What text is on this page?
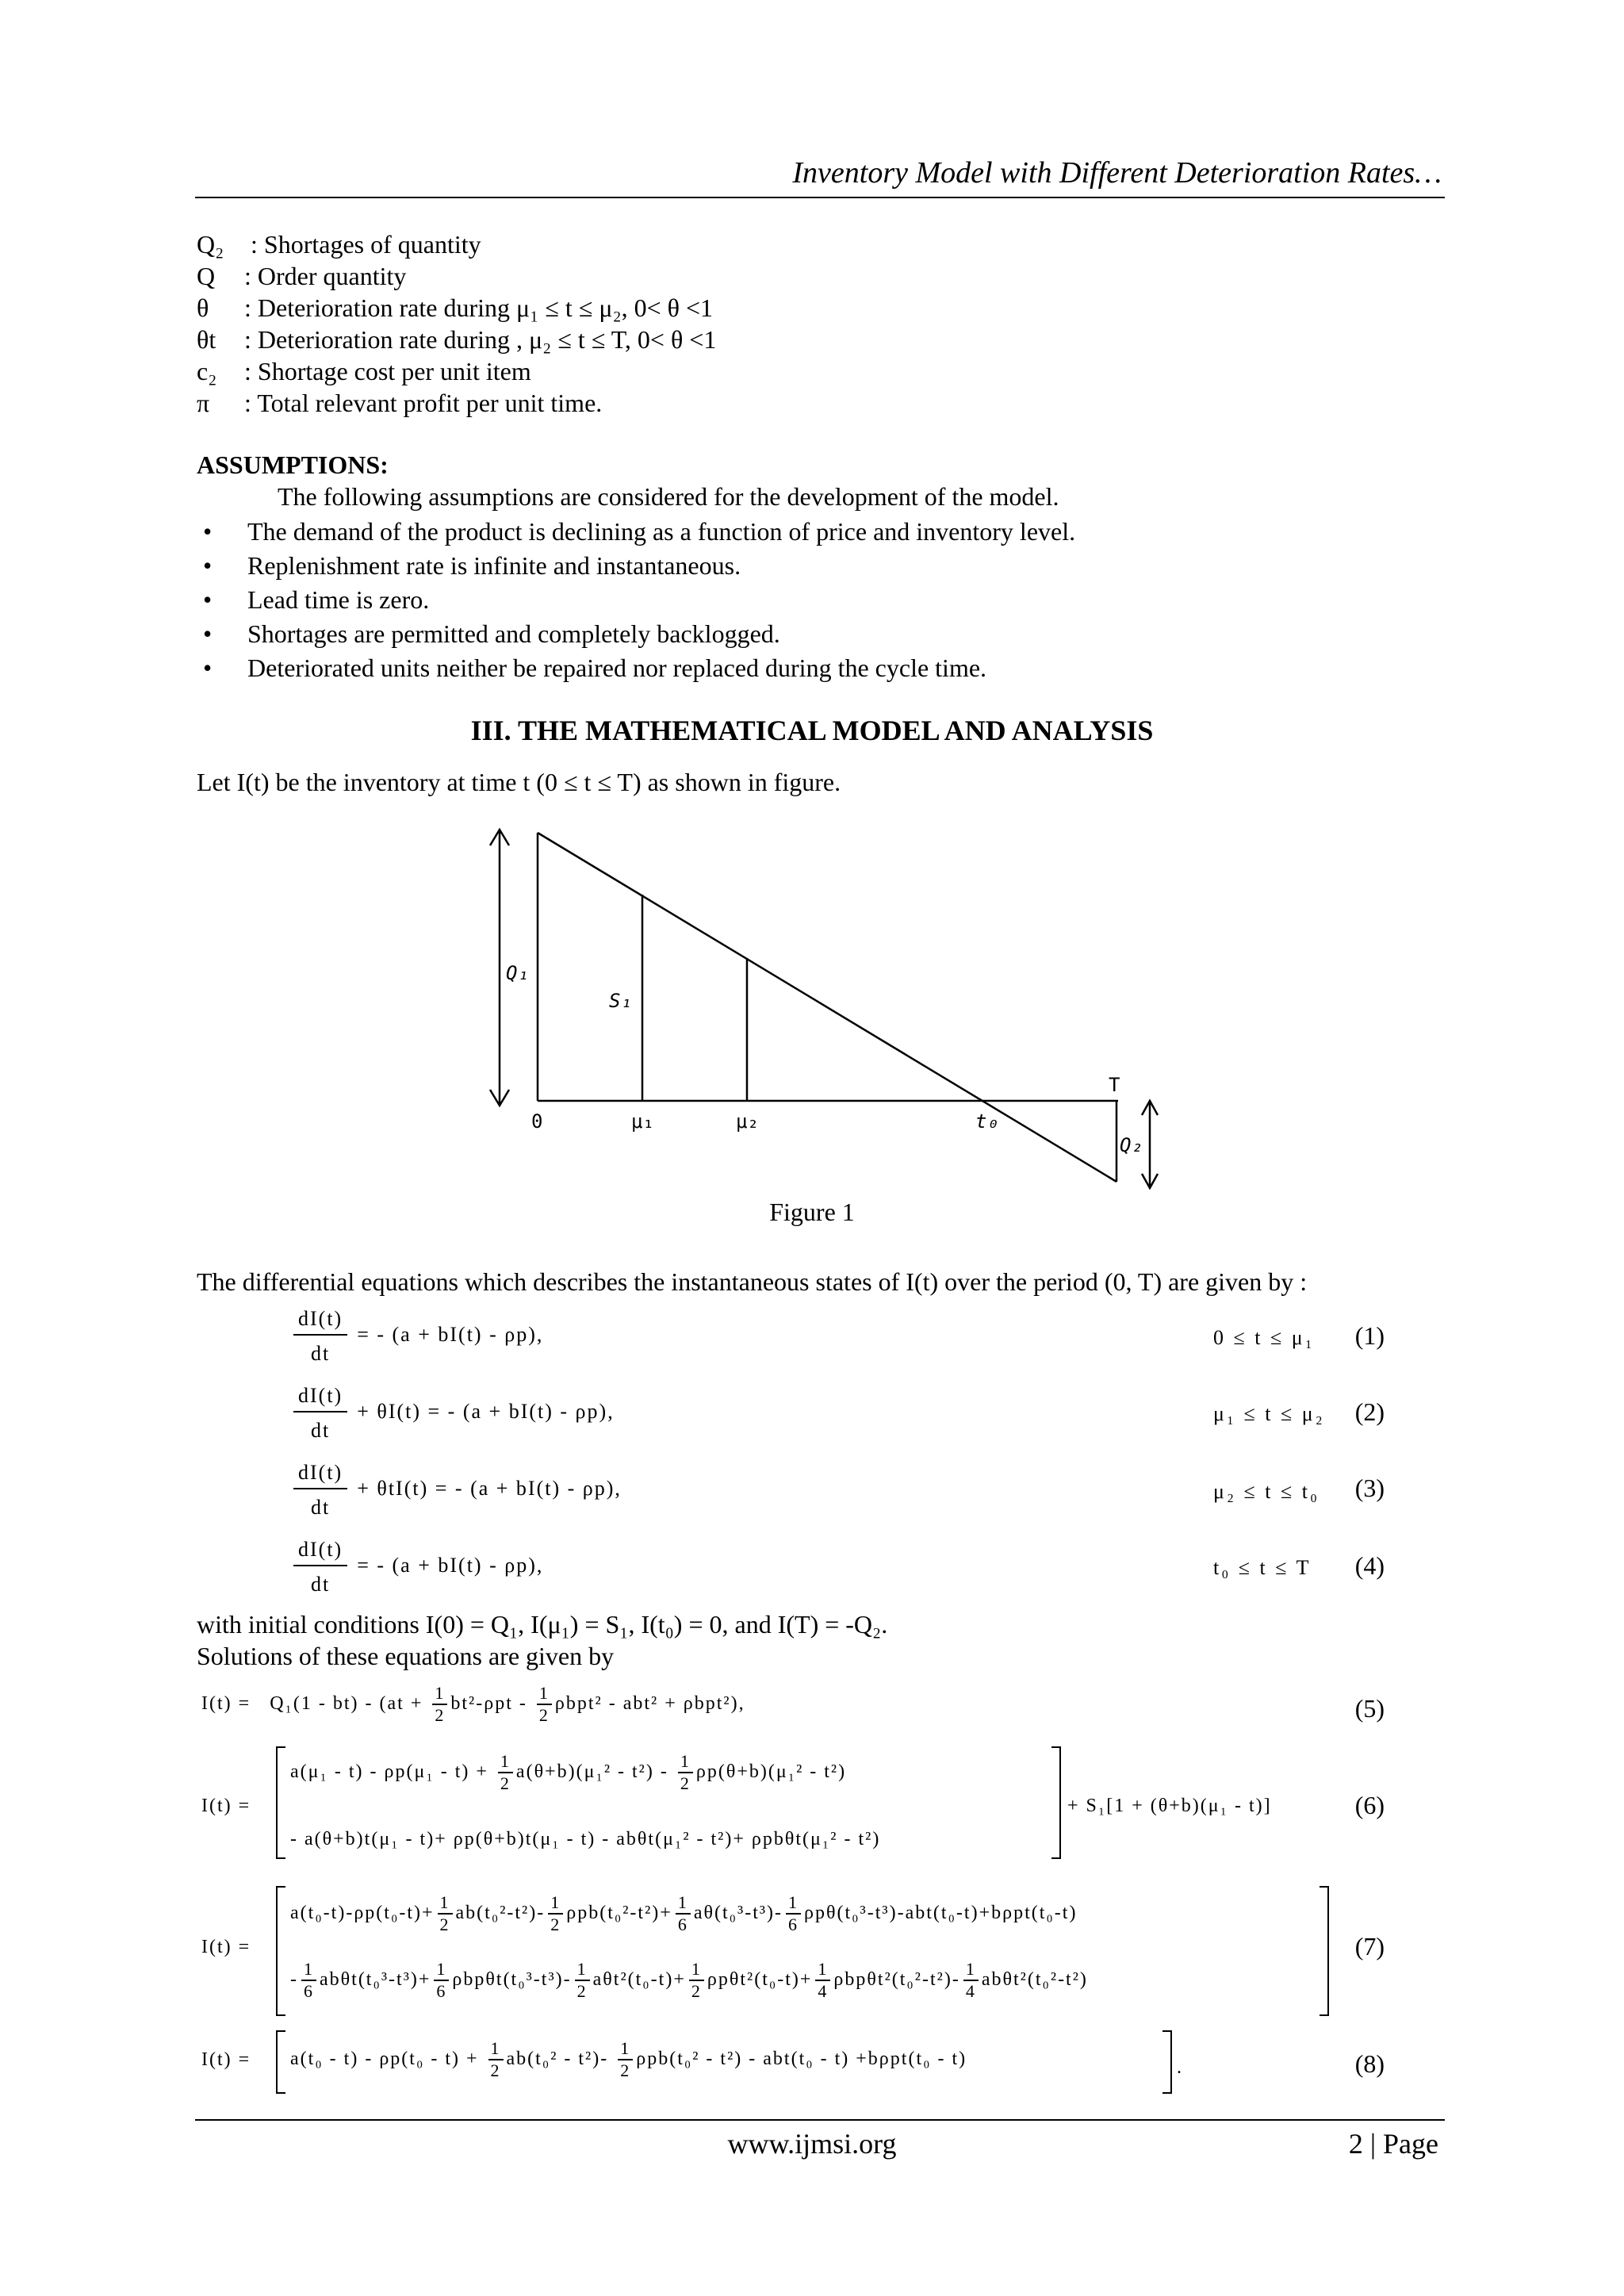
Inventory Model with Different Deterioration Rates…
Q₂ : Shortages of quantity
Q : Order quantity
θ : Deterioration rate during μ₁ ≤ t ≤ μ₂, 0< θ <1
θt : Deterioration rate during , μ₂ ≤ t ≤ T, 0< θ <1
c₂ : Shortage cost per unit item
π : Total relevant profit per unit time.
ASSUMPTIONS:
The following assumptions are considered for the development of the model.
• The demand of the product is declining as a function of price and inventory level.
• Replenishment rate is infinite and instantaneous.
• Lead time is zero.
• Shortages are permitted and completely backlogged.
• Deteriorated units neither be repaired nor replaced during the cycle time.
III. THE MATHEMATICAL MODEL AND ANALYSIS
Let I(t) be the inventory at time t (0 ≤ t ≤ T) as shown in figure.
Q₁
S₁
0	μ₁	μ₂	t₀
T
Q₂
Figure 1
The differential equations which describes the instantaneous states of I(t) over the period (0, T) are given by :
$\frac{dI(t)}{dt}$ = - (a + bI(t) - ρp),	0 ≤ t ≤ μ₁ (1)
$\frac{dI(t)}{dt} + \theta I(t)$ = - (a + bI(t) - ρp),	μ₁ ≤ t ≤ μ₂ (2)
$\frac{dI(t)}{dt} + \theta tI(t)$ = - (a + bI(t) - ρp),	μ₂ ≤ t ≤ t₀ (3)
$\frac{dI(t)}{dt}$ = - (a + bI(t) - ρp),	t₀ ≤ t ≤ T (4)
with initial conditions I(0) = Q₁, I(μ₁) = S₁, I(t₀) = 0, and I(T) = -Q₂.
Solutions of these equations are given by
$I(t) = Q_1(1 - bt) - (at + \frac{1}{2} bt^2-\rho pt - \frac{1}{2} \rho bpt^2 - abt^2 + \rho bpt^2)$,	(5)
I(t) =
$a(\mu_1 - t) - \rho p(\mu_1 - t) + \frac{1}{2} a(\theta+b)(\mu_1^2 - t^2) - \frac{1}{2} \rho p(\theta+b)(\mu_1^2 - t^2)$
- a(θ+b)t(μ₁ - t)+ ρp(θ+b)t(μ₁ - t) - abθt(μ₁² - t²)+ ρpbθt(μ₁² - t²)
+ S₁[1 + (θ+b)(μ₁ - t)]	(6)
I(t) =
$a(t_0-t)-\rho p(t_0-t)+ \frac{1}{2} ab(t_0^2-t^2)- \frac{1}{2} \rho pb(t_0^2-t^2)+ \frac{1}{6} a\theta(t_0^3-t^3)- \frac{1}{6} \rho p\theta(t_0^3-t^3)-abt(t_0-t)+b\rho pt(t_0-t)$
- $\frac{1}{6} ab\theta t(t_0^3-t^3)+ \frac{1}{6} \rho bp\theta t(t_0^3-t^3)- \frac{1}{2} a\theta t^2(t_0-t)+ \frac{1}{2} \rho p\theta t^2(t_0-t)+ \frac{1}{4} \rho bp\theta t^2(t_0^2-t^2)- \frac{1}{4} ab\theta t^2(t_0^2-t^2)$
(7)
$I(t) = a(t_0 - t) - \rho p(t_0 - t) + \frac{1}{2} ab(t_0^2 - t^2)- \frac{1}{2} \rho pb(t_0^2 - t^2) - abt(t_0 - t) +b\rho pt(t_0 - t)$	.	(8)
www.ijmsi.org	2 | Page
